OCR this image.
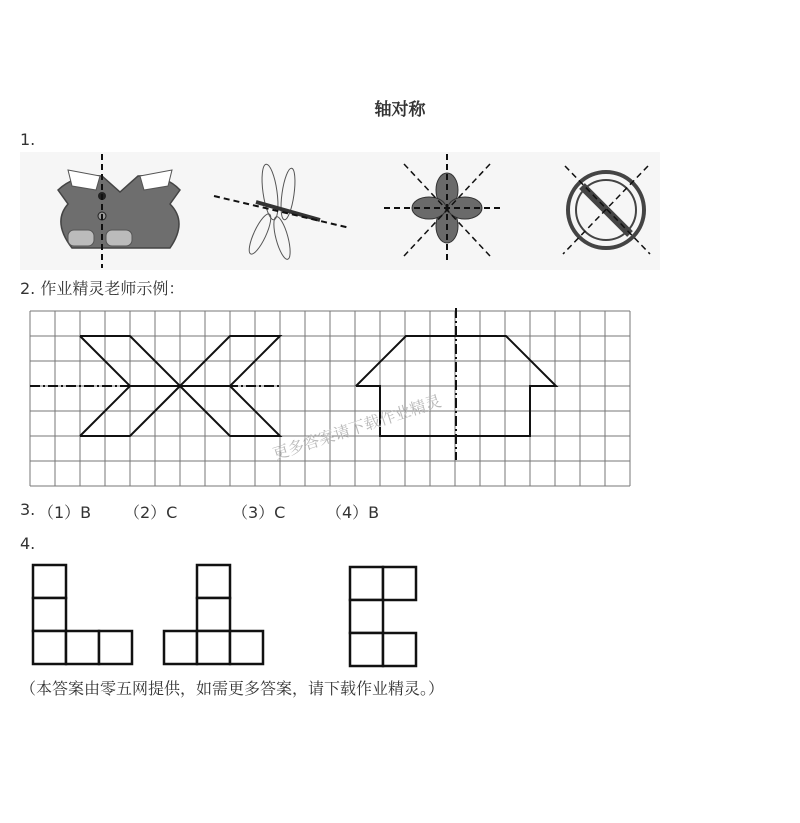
轴对称
1.
2. 作业精灵老师示例：
更多答案请下载作业精灵
3. （1）B （2）C	（3）C	（4）B
4.
（本答案由零五网提供，如需更多答案，请下载作业精灵。）
